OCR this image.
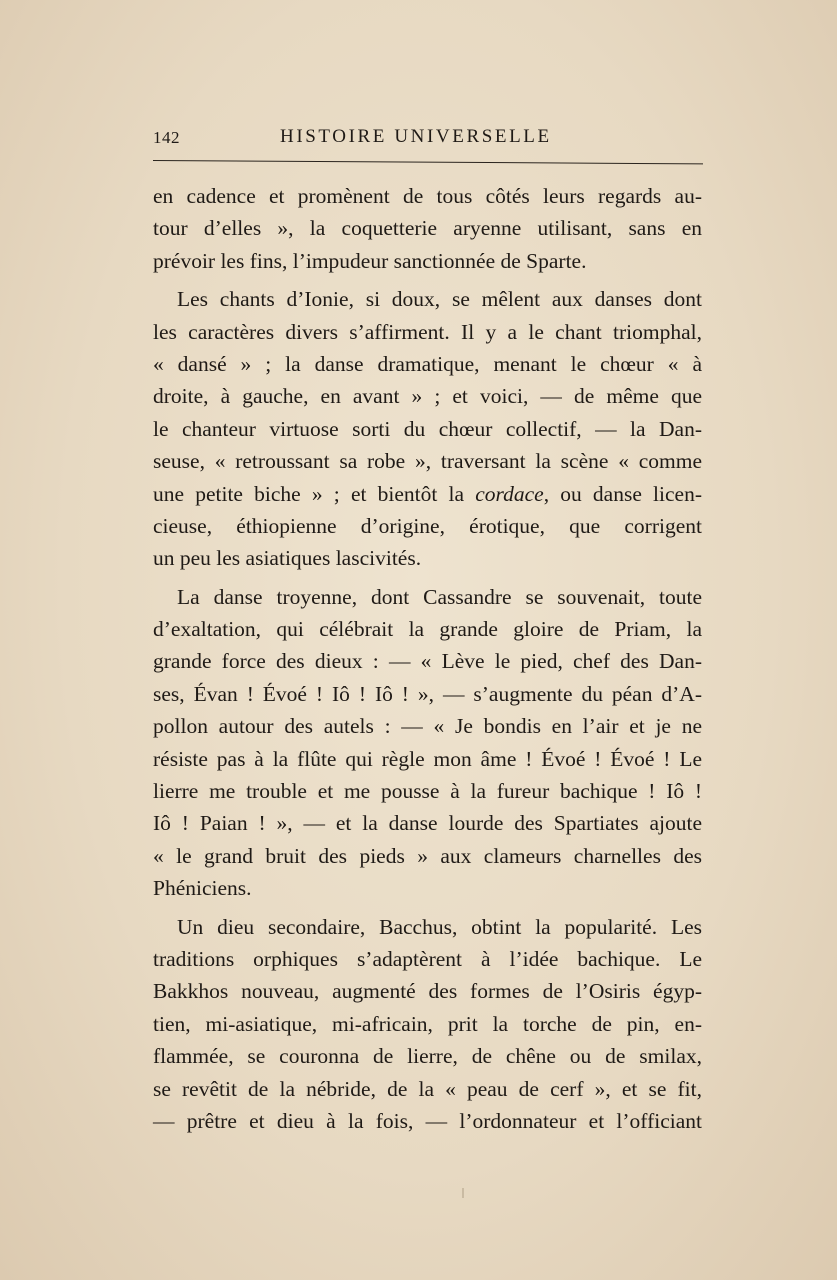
142	HISTOIRE UNIVERSELLE
en cadence et promènent de tous côtés leurs regards au-
tour d’elles », la coquetterie aryenne utilisant, sans en
prévoir les fins, l’impudeur sanctionnée de Sparte.
Les chants d’Ionie, si doux, se mêlent aux danses dont
les caractères divers s’affirment. Il y a le chant triomphal,
« dansé » ; la danse dramatique, menant le chœur « à
droite, à gauche, en avant » ; et voici, — de même que
le chanteur virtuose sorti du chœur collectif, — la Dan-
seuse, « retroussant sa robe », traversant la scène « comme
une petite biche » ; et bientôt la cordace, ou danse licen-
cieuse, éthiopienne d’origine, érotique, que corrigent
un peu les asiatiques lascivités.
La danse troyenne, dont Cassandre se souvenait, toute
d’exaltation, qui célébrait la grande gloire de Priam, la
grande force des dieux : — « Lève le pied, chef des Dan-
ses, Évan ! Évoé ! Iô ! Iô ! », — s’augmente du péan d’A-
pollon autour des autels : — « Je bondis en l’air et je ne
résiste pas à la flûte qui règle mon âme ! Évoé ! Évoé ! Le
lierre me trouble et me pousse à la fureur bachique ! Iô !
Iô ! Paian ! », — et la danse lourde des Spartiates ajoute
« le grand bruit des pieds » aux clameurs charnelles des
Phéniciens.
Un dieu secondaire, Bacchus, obtint la popularité. Les
traditions orphiques s’adaptèrent à l’idée bachique. Le
Bakkhos nouveau, augmenté des formes de l’Osiris égyp-
tien, mi-asiatique, mi-africain, prit la torche de pin, en-
flammée, se couronna de lierre, de chêne ou de smilax,
se revêtit de la nébride, de la « peau de cerf », et se fit,
— prêtre et dieu à la fois, — l’ordonnateur et l’officiant
